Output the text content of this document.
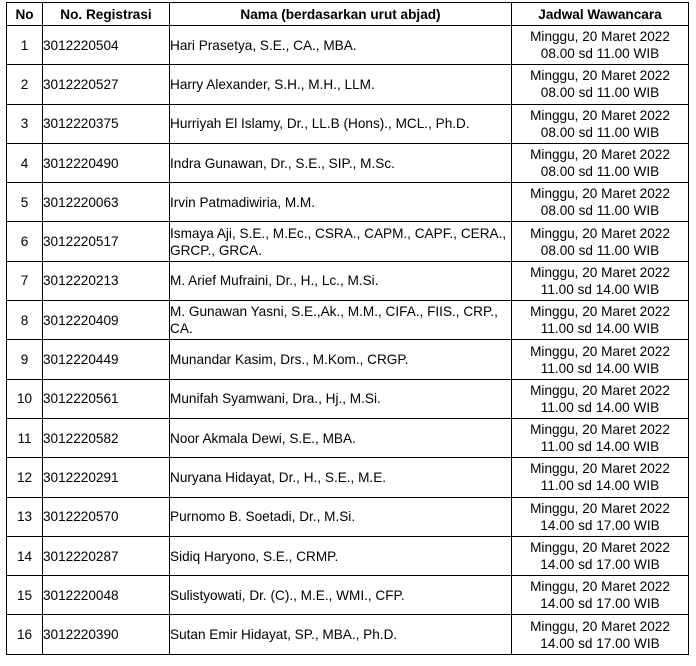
No	No. Registrasi	Nama (berdasarkan urut abjad)	Jadwal Wawancara
1	3012220504	Hari Prasetya, S.E., CA., MBA.	Minggu, 20 Maret 2022
08.00 sd 11.00 WIB

2	3012220527	Harry Alexander, S.H., M.H., LLM.	Minggu, 20 Maret 2022
08.00 sd 11.00 WIB

3	3012220375	Hurriyah El Islamy, Dr., LL.B (Hons)., MCL., Ph.D.	Minggu, 20 Maret 2022
08.00 sd 11.00 WIB

4	3012220490	Indra Gunawan, Dr., S.E., SIP., M.Sc.	Minggu, 20 Maret 2022
08.00 sd 11.00 WIB

5	3012220063	Irvin Patmadiwiria, M.M.	Minggu, 20 Maret 2022
08.00 sd 11.00 WIB

6	3012220517	Ismaya Aji, S.E., M.Ec., CSRA., CAPM., CAPF., CERA., GRCP., GRCA.	Minggu, 20 Maret 2022
08.00 sd 11.00 WIB

7	3012220213	M. Arief Mufraini, Dr., H., Lc., M.Si.	Minggu, 20 Maret 2022
11.00 sd 14.00 WIB

8	3012220409	M. Gunawan Yasni, S.E.,Ak., M.M., CIFA., FIIS., CRP., CA.	Minggu, 20 Maret 2022
11.00 sd 14.00 WIB

9	3012220449	Munandar Kasim, Drs., M.Kom., CRGP.	Minggu, 20 Maret 2022
11.00 sd 14.00 WIB

10	3012220561	Munifah Syamwani, Dra., Hj., M.Si.	Minggu, 20 Maret 2022
11.00 sd 14.00 WIB

11	3012220582	Noor Akmala Dewi, S.E., MBA.	Minggu, 20 Maret 2022
11.00 sd 14.00 WIB

12	3012220291	Nuryana Hidayat, Dr., H., S.E., M.E.	Minggu, 20 Maret 2022
11.00 sd 14.00 WIB

13	3012220570	Purnomo B. Soetadi, Dr., M.Si.	Minggu, 20 Maret 2022
14.00 sd 17.00 WIB

14	3012220287	Sidiq Haryono, S.E., CRMP.	Minggu, 20 Maret 2022
14.00 sd 17.00 WIB

15	3012220048	Sulistyowati, Dr. (C)., M.E., WMI., CFP.	Minggu, 20 Maret 2022
14.00 sd 17.00 WIB

16	3012220390	Sutan Emir Hidayat, SP., MBA., Ph.D.	Minggu, 20 Maret 2022
14.00 sd 17.00 WIB
